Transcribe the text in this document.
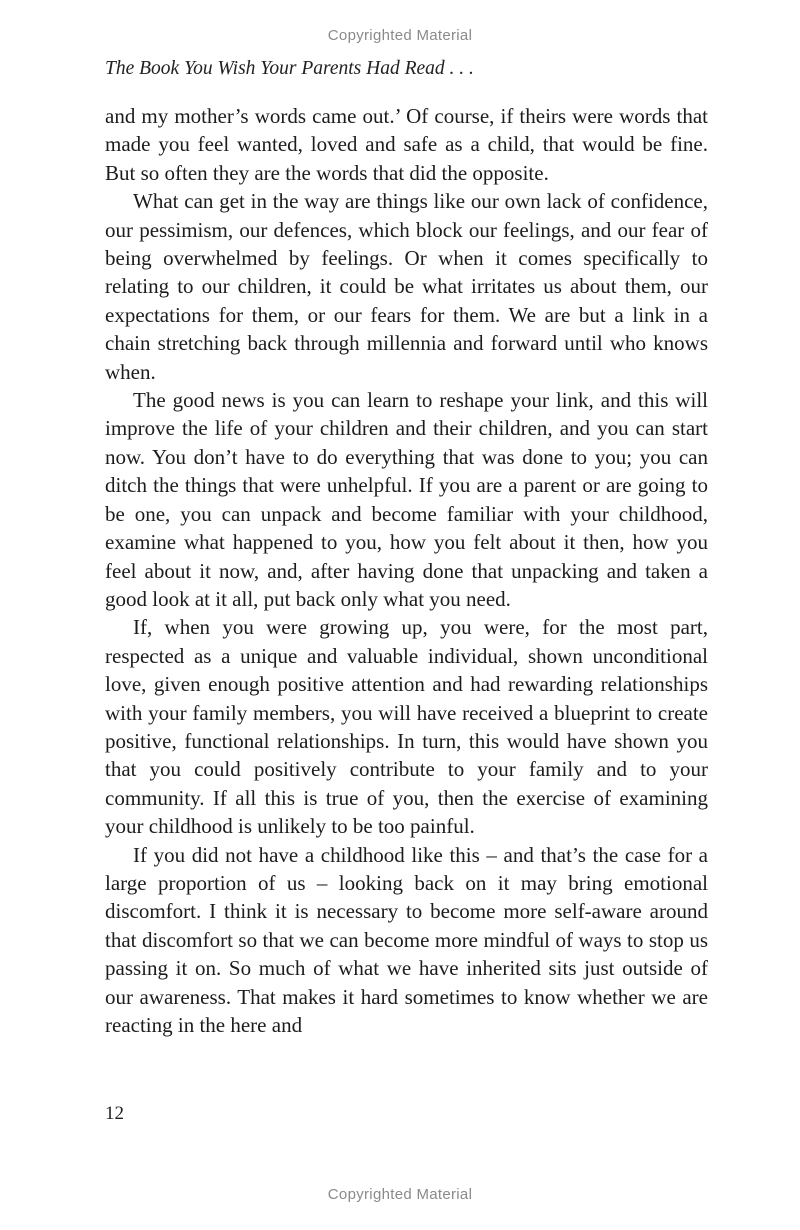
Copyrighted Material
The Book You Wish Your Parents Had Read . . .

and my mother’s words came out.’ Of course, if theirs were words that made you feel wanted, loved and safe as a child, that would be fine. But so often they are the words that did the opposite.

What can get in the way are things like our own lack of confidence, our pessimism, our defences, which block our feelings, and our fear of being overwhelmed by feelings. Or when it comes specifically to relating to our children, it could be what irritates us about them, our expectations for them, or our fears for them. We are but a link in a chain stretching back through millennia and forward until who knows when.

The good news is you can learn to reshape your link, and this will improve the life of your children and their children, and you can start now. You don’t have to do everything that was done to you; you can ditch the things that were unhelpful. If you are a parent or are going to be one, you can unpack and become familiar with your childhood, examine what happened to you, how you felt about it then, how you feel about it now, and, after having done that unpacking and taken a good look at it all, put back only what you need.

If, when you were growing up, you were, for the most part, respected as a unique and valuable individual, shown unconditional love, given enough positive attention and had rewarding relationships with your family members, you will have received a blueprint to create positive, functional relationships. In turn, this would have shown you that you could positively contribute to your family and to your community. If all this is true of you, then the exercise of examining your childhood is unlikely to be too painful.

If you did not have a childhood like this – and that’s the case for a large proportion of us – looking back on it may bring emotional discomfort. I think it is necessary to become more self-aware around that discomfort so that we can become more mindful of ways to stop us passing it on. So much of what we have inherited sits just outside of our awareness. That makes it hard sometimes to know whether we are reacting in the here and

12
Copyrighted Material
